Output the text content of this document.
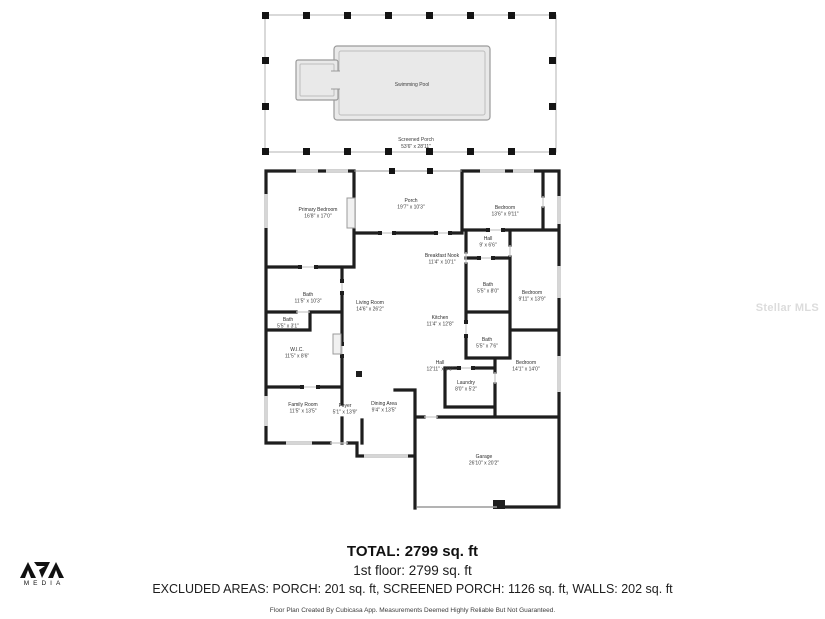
Swimming Pool
Screened Porch
53'6" x 28'11"
Primary Bedroom 16'8" x 17'0"
Porch 19'7" x 10'3"	Bedroom 13'6" x 9'11"
Hall 9' x 6'6"
Breakfast Nook 11'4" x 10'1"
Bath 5'5" x 8'0"	Bedroom 9'11" x 13'9"
Bath 11'5" x 10'3"	Living Room 14'6" x 26'2"
Bath 5'5" x 3'1"
Kitchen 11'4" x 12'8"
W.I.C. 11'5" x 8'6"
Bath 5'5" x 7'6"
Bedroom 14'1" x 14'0"
Hall 12'11" x 8'6"
Laundry 8'0" x 5'2"
Family Room 11'5" x 13'5"
Foyer 5'1" x 13'9"
Dining Area 9'4" x 13'5"
Garage 26'10" x 20'2"
Stellar MLS
TOTAL: 2799 sq. ft
1st floor: 2799 sq. ft
EXCLUDED AREAS: PORCH: 201 sq. ft, SCREENED PORCH: 1126 sq. ft, WALLS: 202 sq. ft
Floor Plan Created By Cubicasa App. Measurements Deemed Highly Reliable But Not Guaranteed.
MEDIA
